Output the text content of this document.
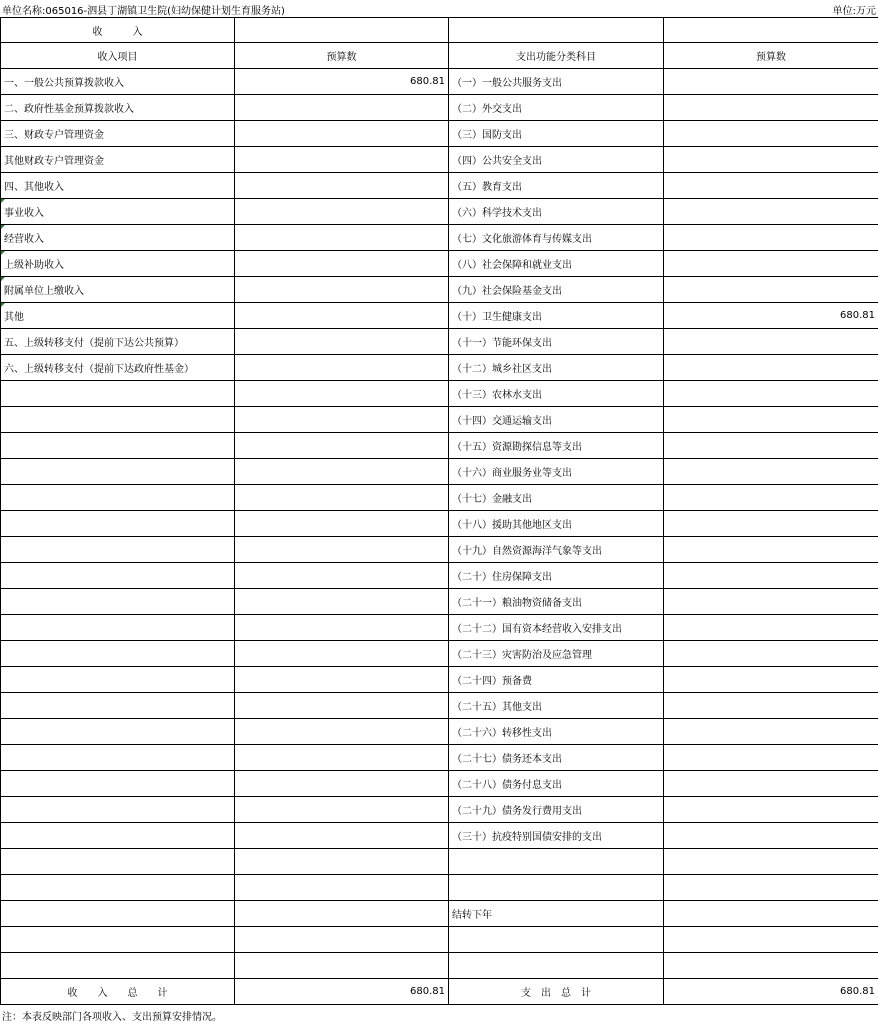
单位名称:065016-泗县丁湖镇卫生院(妇幼保健计划生育服务站)	单位:万元
收　　　入			
收入项目	预算数	支出功能分类科目	预算数
一、一般公共预算拨款收入	680.81	（一）一般公共服务支出	
二、政府性基金预算拨款收入		（二）外交支出	
三、财政专户管理资金		（三）国防支出	
其他财政专户管理资金		（四）公共安全支出	
四、其他收入		（五）教育支出	
事业收入		（六）科学技术支出	
经营收入		（七）文化旅游体育与传媒支出	
上级补助收入		（八）社会保障和就业支出	
附属单位上缴收入		（九）社会保险基金支出	
其他		（十）卫生健康支出	680.81
五、上级转移支付（提前下达公共预算）		（十一）节能环保支出	
六、上级转移支付（提前下达政府性基金）		（十二）城乡社区支出	
		（十三）农林水支出	
		（十四）交通运输支出	
		（十五）资源勘探信息等支出	
		（十六）商业服务业等支出	
		（十七）金融支出	
		（十八）援助其他地区支出	
		（十九）自然资源海洋气象等支出	
		（二十）住房保障支出	
		（二十一）粮油物资储备支出	
		（二十二）国有资本经营收入安排支出	
		（二十三）灾害防治及应急管理	
		（二十四）预备费	
		（二十五）其他支出	
		（二十六）转移性支出	
		（二十七）债务还本支出	
		（二十八）债务付息支出	
		（二十九）债务发行费用支出	
		（三十）抗疫特别国债安排的支出	

		结转下年	

收　　入　　总　　计	680.81	支　出　总　计	680.81
注：本表反映部门各项收入、支出预算安排情况。
